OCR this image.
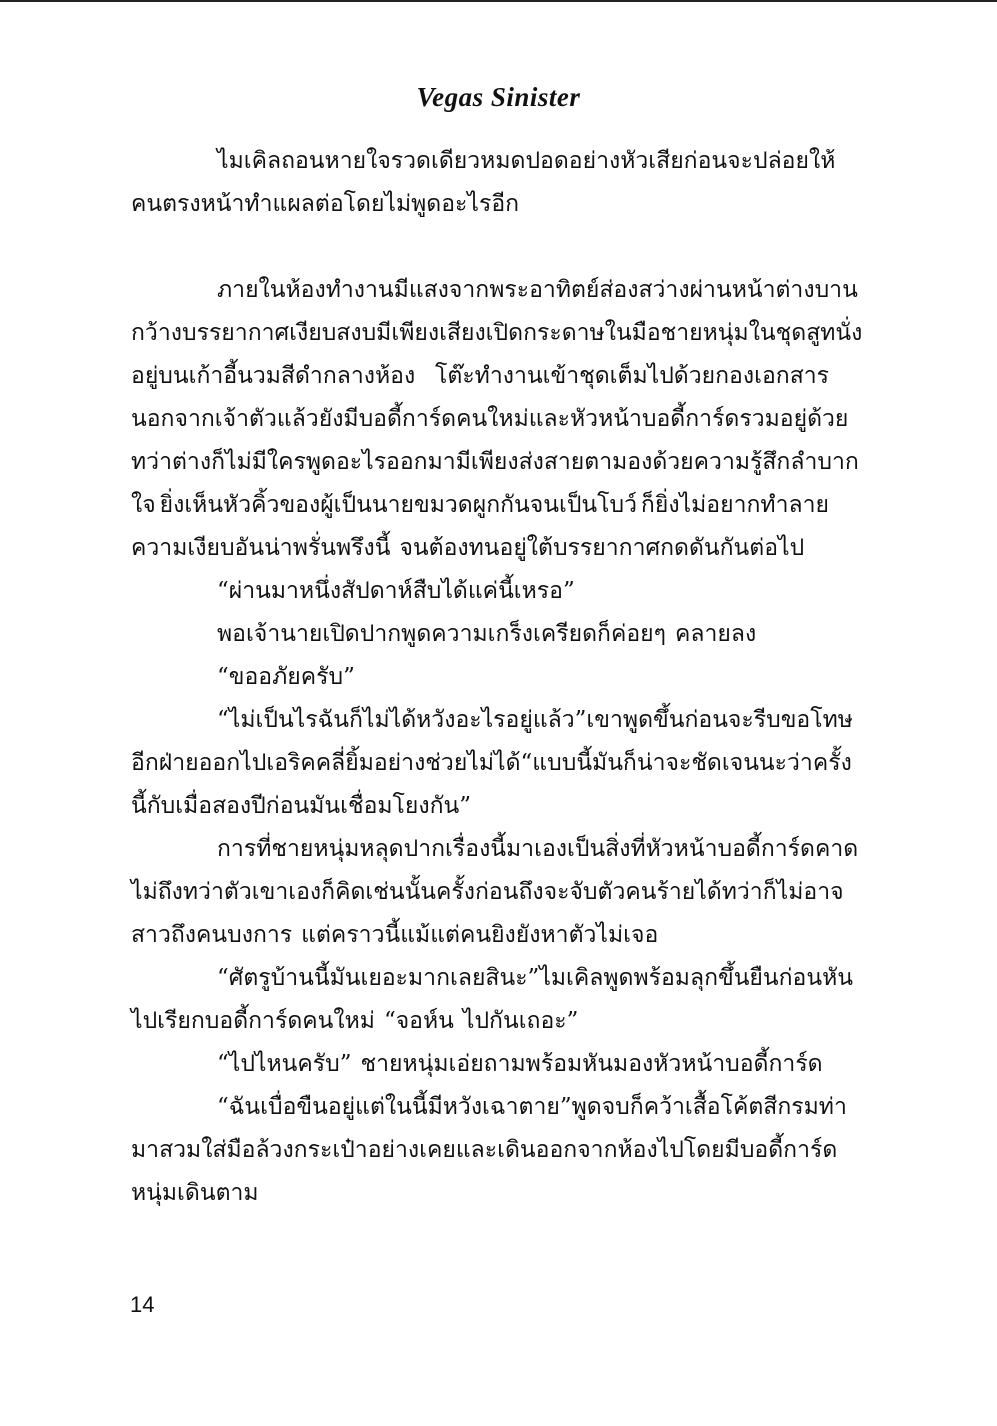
Vegas Sinister
ไมเคิลถอนหายใจรวดเดียวหมดปอดอย่างหัวเสียก่อนจะปล่อยให้
คนตรงหน้าทำแผลต่อโดยไม่พูดอะไรอีก
ภายในห้องทำงานมีแสงจากพระอาทิตย์ส่องสว่างผ่านหน้าต่างบาน
กว้าง บรรยากาศเงียบสงบมีเพียงเสียงเปิดกระดาษในมือชายหนุ่มในชุดสูทนั่ง
อยู่บนเก้าอี้นวมสีดำกลางห้อง โต๊ะทำงานเข้าชุดเต็มไปด้วยกองเอกสาร
นอกจากเจ้าตัวแล้วยังมีบอดี้การ์ดคนใหม่และหัวหน้าบอดี้การ์ดรวมอยู่ด้วย
ทว่าต่างก็ไม่มีใครพูดอะไรออกมา มีเพียงส่งสายตามองด้วยความรู้สึกลำบาก
ใจ ยิ่งเห็นหัวคิ้วของผู้เป็นนายขมวดผูกกันจนเป็นโบว์ ก็ยิ่งไม่อยากทำลาย
ความเงียบอันน่าพรั่นพรึงนี้ จนต้องทนอยู่ใต้บรรยากาศกดดันกันต่อไป
“ผ่านมาหนึ่งสัปดาห์สืบได้แค่นี้เหรอ”
พอเจ้านายเปิดปากพูดความเกร็งเครียดก็ค่อยๆ คลายลง
“ขออภัยครับ”
“ไม่เป็นไร ฉันก็ไม่ได้หวังอะไรอยู่แล้ว” เขาพูดขึ้นก่อนจะรีบขอโทษ
อีกฝ่ายออกไป เอริคคลี่ยิ้มอย่างช่วยไม่ได้ “แบบนี้มันก็น่าจะชัดเจนนะ ว่าครั้ง
นี้กับเมื่อสองปีก่อนมันเชื่อมโยงกัน”
การที่ชายหนุ่มหลุดปากเรื่องนี้มาเองเป็นสิ่งที่หัวหน้าบอดี้การ์ดคาด
ไม่ถึง ทว่าตัวเขาเองก็คิดเช่นนั้น ครั้งก่อนถึงจะจับตัวคนร้ายได้ทว่าก็ไม่อาจ
สาวถึงคนบงการ แต่คราวนี้แม้แต่คนยิงยังหาตัวไม่เจอ
“ศัตรูบ้านนี้มันเยอะมากเลยสินะ” ไมเคิลพูดพร้อมลุกขึ้นยืนก่อนหัน
ไปเรียกบอดี้การ์ดคนใหม่ “จอห์น ไปกันเถอะ”
“ไปไหนครับ” ชายหนุ่มเอ่ยถามพร้อมหันมองหัวหน้าบอดี้การ์ด
“ฉันเบื่อ ขืนอยู่แต่ในนี้มีหวังเฉาตาย” พูดจบก็คว้าเสื้อโค้ตสีกรมท่า
มาสวมใส่ มือล้วงกระเป๋าอย่างเคยและเดินออกจากห้องไปโดยมีบอดี้การ์ด
หนุ่มเดินตาม
14
